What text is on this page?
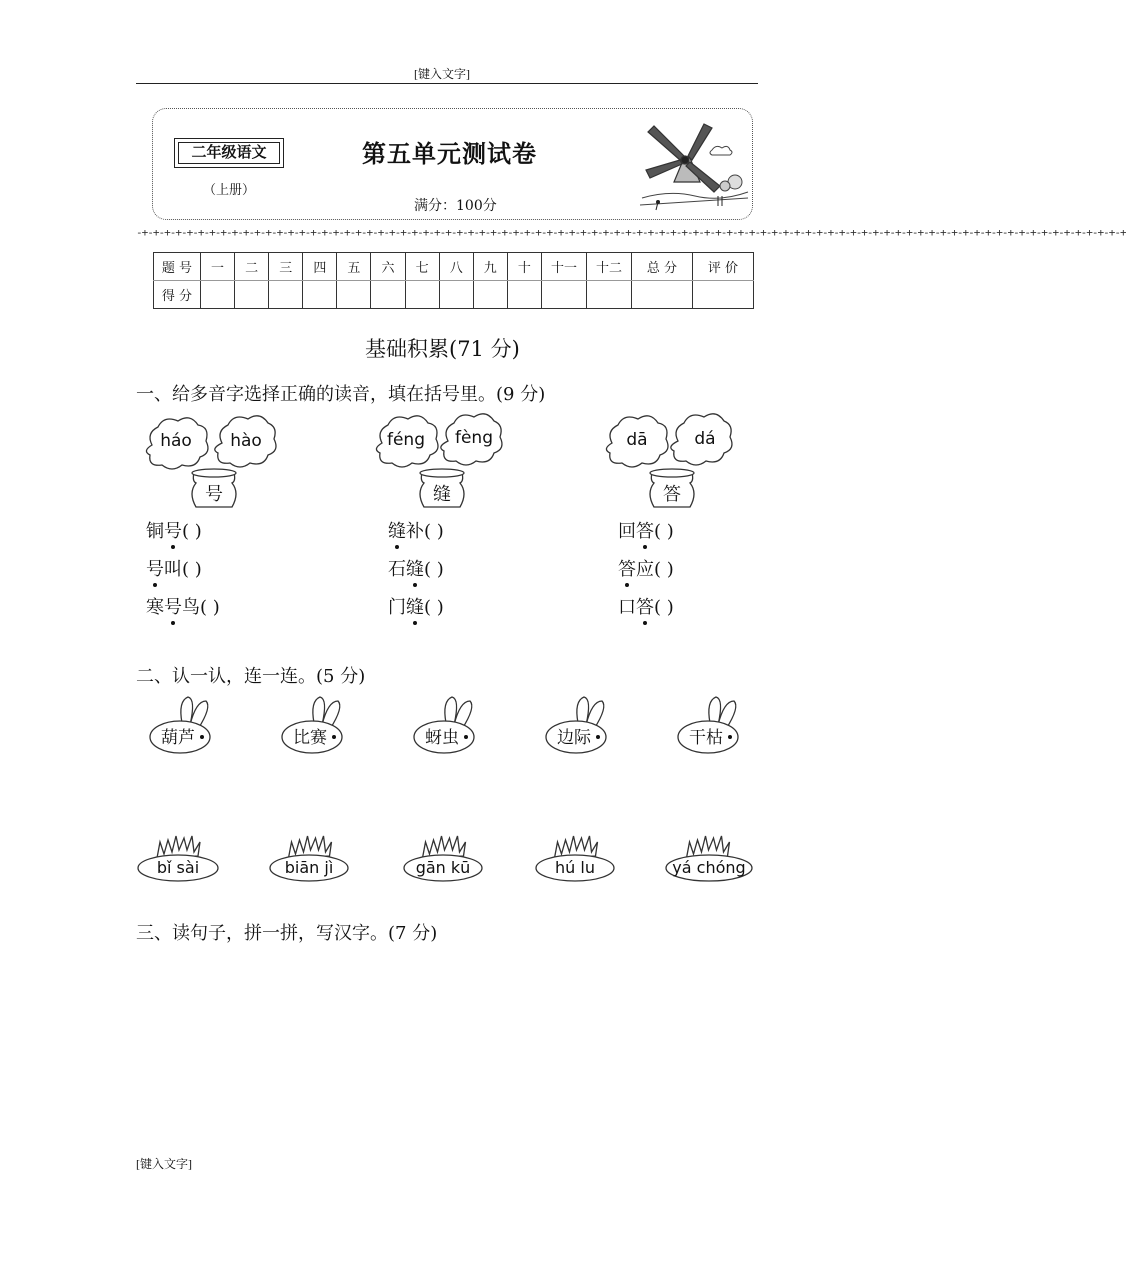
[键入文字]
二年级语文
（上册）
第五单元测试卷
满分：100分
-+-+-+-+-+-+-+-+-+-+-+-+-+-+-+-+-+-+-+-+-+-+-+-+-+-+-+-+-+-+-+-+-+-+-+-+-+-+-+-+-+-+-+-+-+-+-+-+-+-+-+-+-+-+-+-+-+-+-+-+-+-+-+-+-+-+-+-+-+-+-+-+-+-+-+-+-+-+-+-+-+-+-+-+-+-+-+-+
题 号	一	二	三	四	五	六	七	八	九	十	十一	十二	总 分	评 价
得 分														
基础积累(71 分)
一、给多音字选择正确的读音，填在括号里。(9 分)
háo	hào
号
铜号( )
号叫( )
寒号鸟( )
féng	fèng
缝
缝补( )
石缝( )
门缝( )
dā	dá
答
回答( )
答应( )
口答( )
二、认一认，连一连。(5 分)
葫芦	比赛	蚜虫	边际	干枯
bǐ sài	biān jì	gān kū	hú lu	yá chóng
三、读句子，拼一拼，写汉字。(7 分)
[键入文字]
